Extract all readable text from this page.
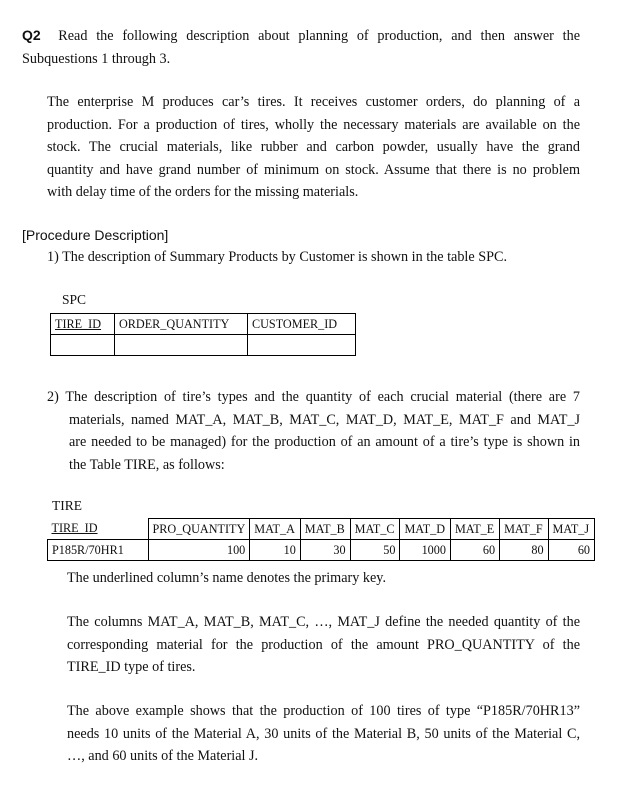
Q2 Read the following description about planning of production, and then answer the
Subquestions 1 through 3.
The enterprise M produces car’s tires. It receives customer orders, do planning of a
production. For a production of tires, wholly the necessary materials are available on the
stock. The crucial materials, like rubber and carbon powder, usually have the grand
quantity and have grand number of minimum on stock. Assume that there is no problem
with delay time of the orders for the missing materials.
[Procedure Description]
1) The description of Summary Products by Customer is shown in the table SPC.
SPC
TIRE_ID	ORDER_QUANTITY	CUSTOMER_ID

2) The description of tire’s types and the quantity of each crucial material (there are 7
materials, named MAT_A, MAT_B, MAT_C, MAT_D, MAT_E, MAT_F and MAT_J
are needed to be managed) for the production of an amount of a tire’s type is shown in
the Table TIRE, as follows:
TIRE
TIRE_ID	PRO_QUANTITY	MAT_A	MAT_B	MAT_C	MAT_D	MAT_E	MAT_F	MAT_J
P185R/70HR1	100	10	30	50	1000	60	80	60
The underlined column’s name denotes the primary key.
The columns MAT_A, MAT_B, MAT_C, …, MAT_J define the needed quantity of the
corresponding material for the production of the amount PRO_QUANTITY of the
TIRE_ID type of tires.
The above example shows that the production of 100 tires of type “P185R/70HR13”
needs 10 units of the Material A, 30 units of the Material B, 50 units of the Material C,
…, and 60 units of the Material J.
